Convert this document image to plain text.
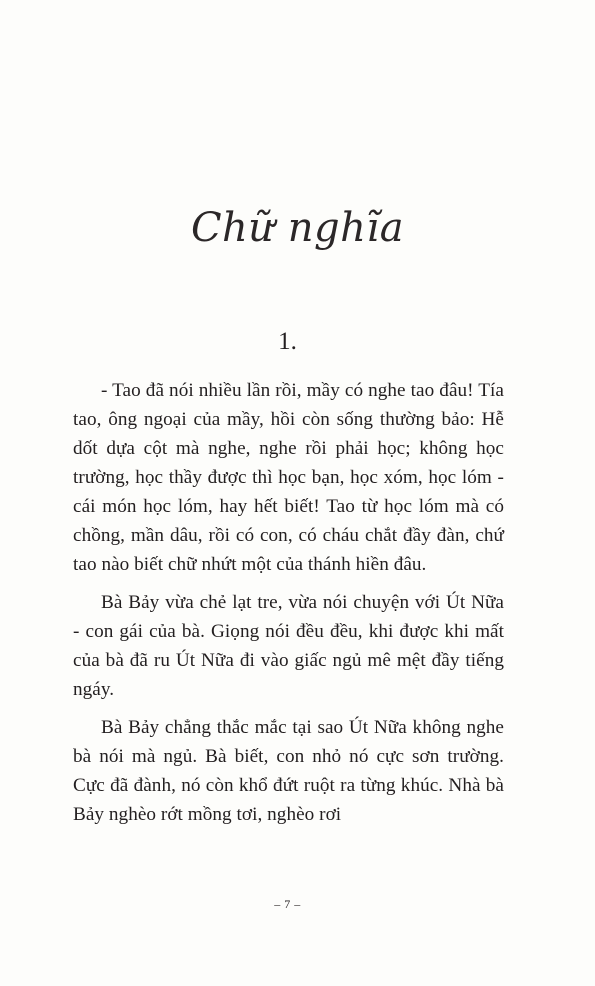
Chữ nghĩa
1.

- Tao đã nói nhiều lần rồi, mầy có nghe tao đâu! Tía tao, ông ngoại của mầy, hồi còn sống thường bảo: Hễ dốt dựa cột mà nghe, nghe rồi phải học; không học trường, học thầy được thì học bạn, học xóm, học lóm - cái món học lóm, hay hết biết! Tao từ học lóm mà có chồng, mần dâu, rồi có con, có cháu chắt đầy đàn, chứ tao nào biết chữ nhứt một của thánh hiền đâu.

Bà Bảy vừa chẻ lạt tre, vừa nói chuyện với Út Nữa - con gái của bà. Giọng nói đều đều, khi được khi mất của bà đã ru Út Nữa đi vào giấc ngủ mê mệt đầy tiếng ngáy.

Bà Bảy chẳng thắc mắc tại sao Út Nữa không nghe bà nói mà ngủ. Bà biết, con nhỏ nó cực sơn trường. Cực đã đành, nó còn khổ đứt ruột ra từng khúc. Nhà bà Bảy nghèo rớt mồng tơi, nghèo rơi

– 7 –
